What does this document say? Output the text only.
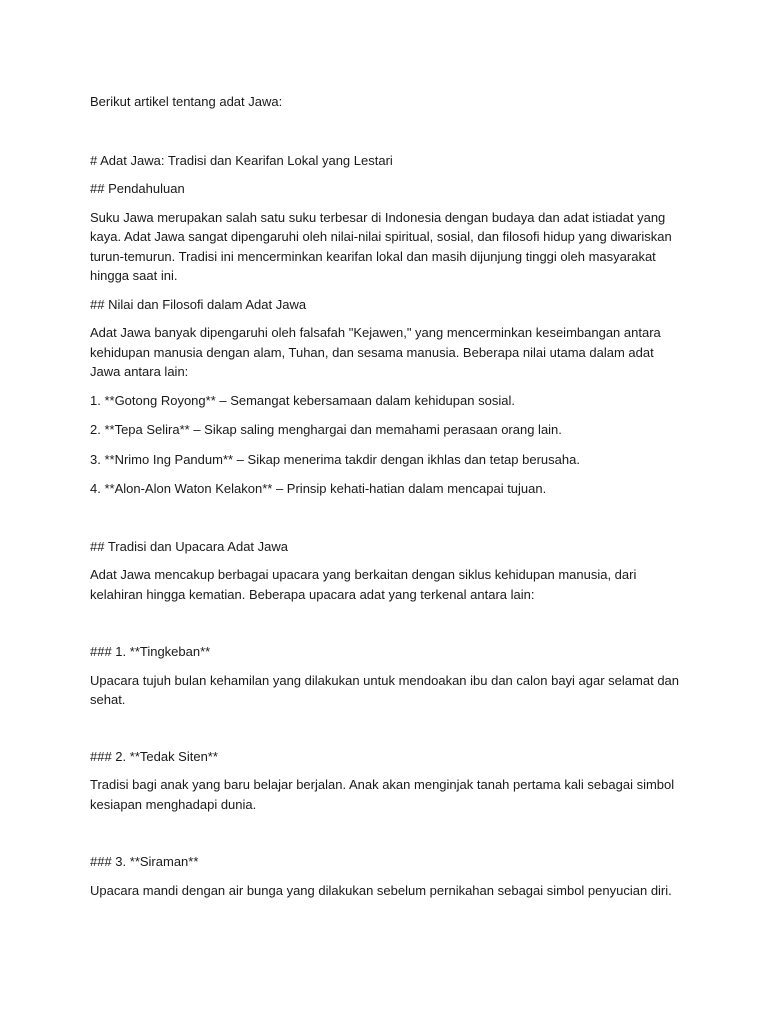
Berikut artikel tentang adat Jawa:

# Adat Jawa: Tradisi dan Kearifan Lokal yang Lestari

## Pendahuluan

Suku Jawa merupakan salah satu suku terbesar di Indonesia dengan budaya dan adat istiadat yang kaya. Adat Jawa sangat dipengaruhi oleh nilai-nilai spiritual, sosial, dan filosofi hidup yang diwariskan turun-temurun. Tradisi ini mencerminkan kearifan lokal dan masih dijunjung tinggi oleh masyarakat hingga saat ini.

## Nilai dan Filosofi dalam Adat Jawa

Adat Jawa banyak dipengaruhi oleh falsafah "Kejawen," yang mencerminkan keseimbangan antara kehidupan manusia dengan alam, Tuhan, dan sesama manusia. Beberapa nilai utama dalam adat Jawa antara lain:

1. **Gotong Royong** – Semangat kebersamaan dalam kehidupan sosial.

2. **Tepa Selira** – Sikap saling menghargai dan memahami perasaan orang lain.

3. **Nrimo Ing Pandum** – Sikap menerima takdir dengan ikhlas dan tetap berusaha.

4. **Alon-Alon Waton Kelakon** – Prinsip kehati-hatian dalam mencapai tujuan.

## Tradisi dan Upacara Adat Jawa

Adat Jawa mencakup berbagai upacara yang berkaitan dengan siklus kehidupan manusia, dari kelahiran hingga kematian. Beberapa upacara adat yang terkenal antara lain:

### 1. **Tingkeban**

Upacara tujuh bulan kehamilan yang dilakukan untuk mendoakan ibu dan calon bayi agar selamat dan sehat.

### 2. **Tedak Siten**

Tradisi bagi anak yang baru belajar berjalan. Anak akan menginjak tanah pertama kali sebagai simbol kesiapan menghadapi dunia.

### 3. **Siraman**

Upacara mandi dengan air bunga yang dilakukan sebelum pernikahan sebagai simbol penyucian diri.
